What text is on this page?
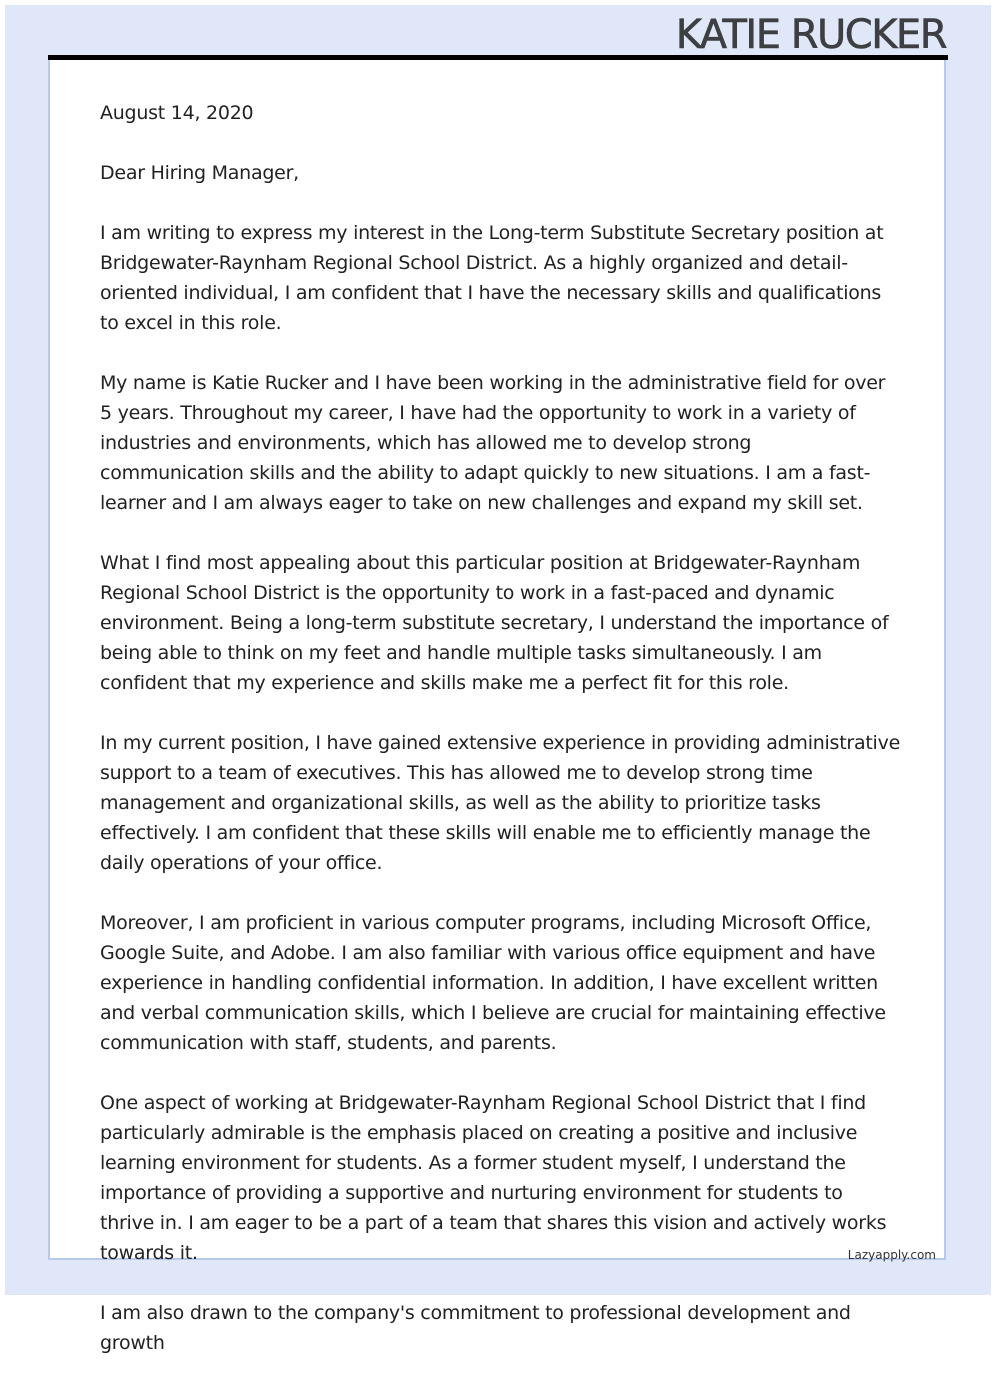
KATIE RUCKER

August 14, 2020

Dear Hiring Manager,

I am writing to express my interest in the Long-term Substitute Secretary position at Bridgewater-Raynham Regional School District. As a highly organized and detail-oriented individual, I am confident that I have the necessary skills and qualifications to excel in this role.

My name is Katie Rucker and I have been working in the administrative field for over 5 years. Throughout my career, I have had the opportunity to work in a variety of industries and environments, which has allowed me to develop strong communication skills and the ability to adapt quickly to new situations. I am a fast-learner and I am always eager to take on new challenges and expand my skill set.

What I find most appealing about this particular position at Bridgewater-Raynham Regional School District is the opportunity to work in a fast-paced and dynamic environment. Being a long-term substitute secretary, I understand the importance of being able to think on my feet and handle multiple tasks simultaneously. I am confident that my experience and skills make me a perfect fit for this role.

In my current position, I have gained extensive experience in providing administrative support to a team of executives. This has allowed me to develop strong time management and organizational skills, as well as the ability to prioritize tasks effectively. I am confident that these skills will enable me to efficiently manage the daily operations of your office.

Moreover, I am proficient in various computer programs, including Microsoft Office, Google Suite, and Adobe. I am also familiar with various office equipment and have experience in handling confidential information. In addition, I have excellent written and verbal communication skills, which I believe are crucial for maintaining effective communication with staff, students, and parents.

One aspect of working at Bridgewater-Raynham Regional School District that I find particularly admirable is the emphasis placed on creating a positive and inclusive learning environment for students. As a former student myself, I understand the importance of providing a supportive and nurturing environment for students to thrive in. I am eager to be a part of a team that shares this vision and actively works towards it.

I am also drawn to the company's commitment to professional development and growth

Lazyapply.com
